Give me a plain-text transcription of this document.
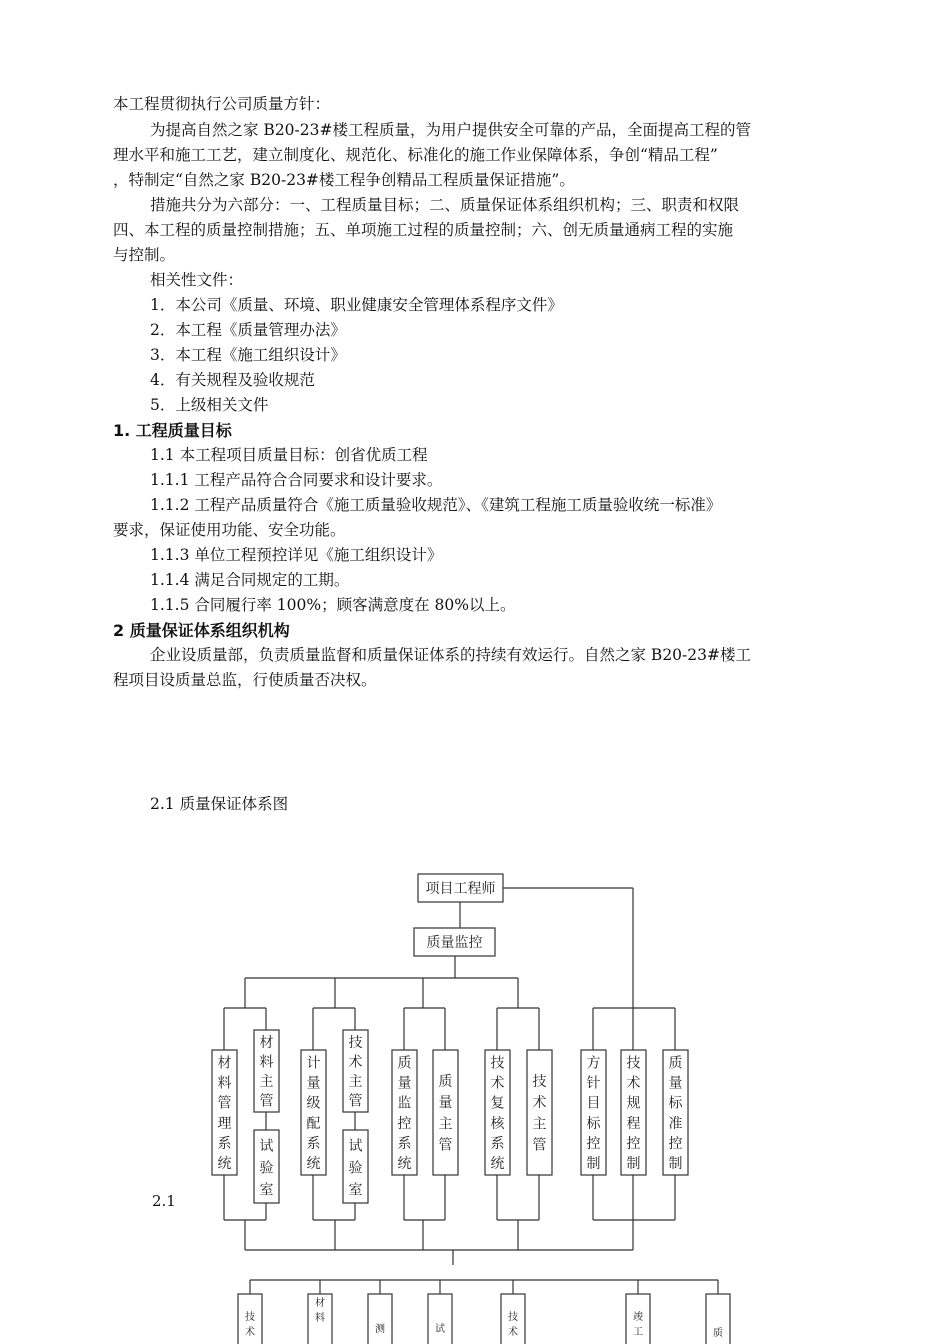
本工程贯彻执行公司质量方针：
为提高自然之家 B20-23#楼工程质量，为用户提供安全可靠的产品，全面提高工程的管
理水平和施工工艺，建立制度化、规范化、标准化的施工作业保障体系，争创“精品工程”
，特制定“自然之家 B20-23#楼工程争创精品工程质量保证措施”。
措施共分为六部分：一、工程质量目标；二、质量保证体系组织机构；三、职责和权限
四、本工程的质量控制措施；五、单项施工过程的质量控制；六、创无质量通病工程的实施
与控制。
相关性文件：
1．本公司《质量、环境、职业健康安全管理体系程序文件》
2．本工程《质量管理办法》
3．本工程《施工组织设计》
4．有关规程及验收规范
5．上级相关文件
1. 工程质量目标
1.1 本工程项目质量目标：创省优质工程
1.1.1 工程产品符合合同要求和设计要求。
1.1.2 工程产品质量符合《施工质量验收规范》、《建筑工程施工质量验收统一标准》
要求，保证使用功能、安全功能。
1.1.3 单位工程预控详见《施工组织设计》
1.1.4 满足合同规定的工期。
1.1.5 合同履行率 100%；顾客满意度在 80%以上。
2 质量保证体系组织机构
企业设质量部，负责质量监督和质量保证体系的持续有效运行。自然之家 B20-23#楼工
程项目设质量总监，行使质量否决权。
2.1 质量保证体系图
2.1
项目工程师
质量监控
材料管理系统
材料主管
试验室
计量级配系统
技术主管
试验室
质量监控系统
质量主管
技术复核系统
技术主管
方针目标控制
技术规程控制
质量标准控制
技术
材料
测	试
技术
竣工	质
